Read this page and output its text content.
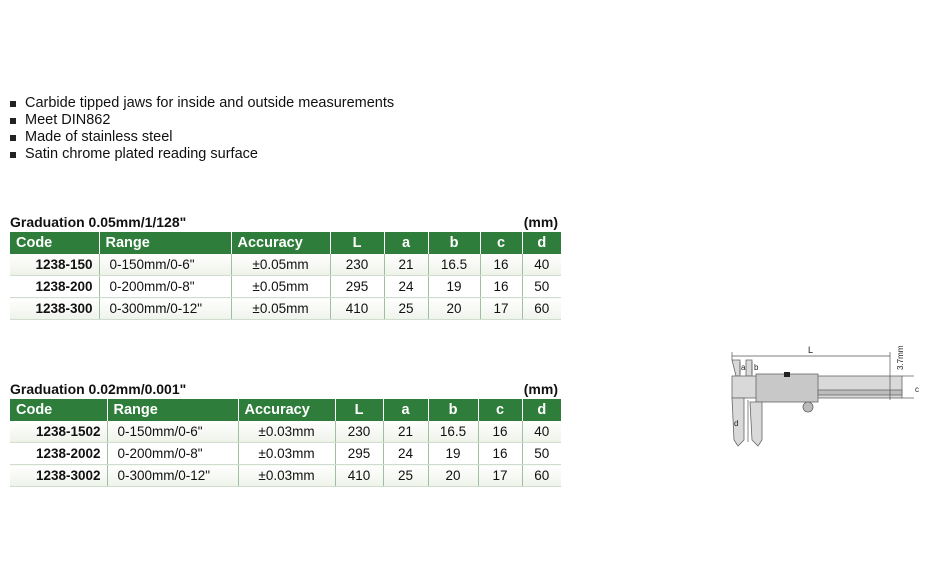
Carbide tipped jaws for inside and outside measurements
Meet DIN862
Made of stainless steel
Satin chrome plated reading surface
Graduation 0.05mm/1/128"	(mm)
Code	Range	Accuracy	L	a	b	c	d
1238-150	0-150mm/0-6"	±0.05mm	230	21	16.5	16	40
1238-200	0-200mm/0-8"	±0.05mm	295	24	19	16	50
1238-300	0-300mm/0-12"	±0.05mm	410	25	20	17	60
Graduation 0.02mm/0.001"	(mm)
Code	Range	Accuracy	L	a	b	c	d
1238-1502	0-150mm/0-6"	±0.03mm	230	21	16.5	16	40
1238-2002	0-200mm/0-8"	±0.03mm	295	24	19	16	50
1238-3002	0-300mm/0-12"	±0.03mm	410	25	20	17	60
L
a b
c
d
3.7mm
